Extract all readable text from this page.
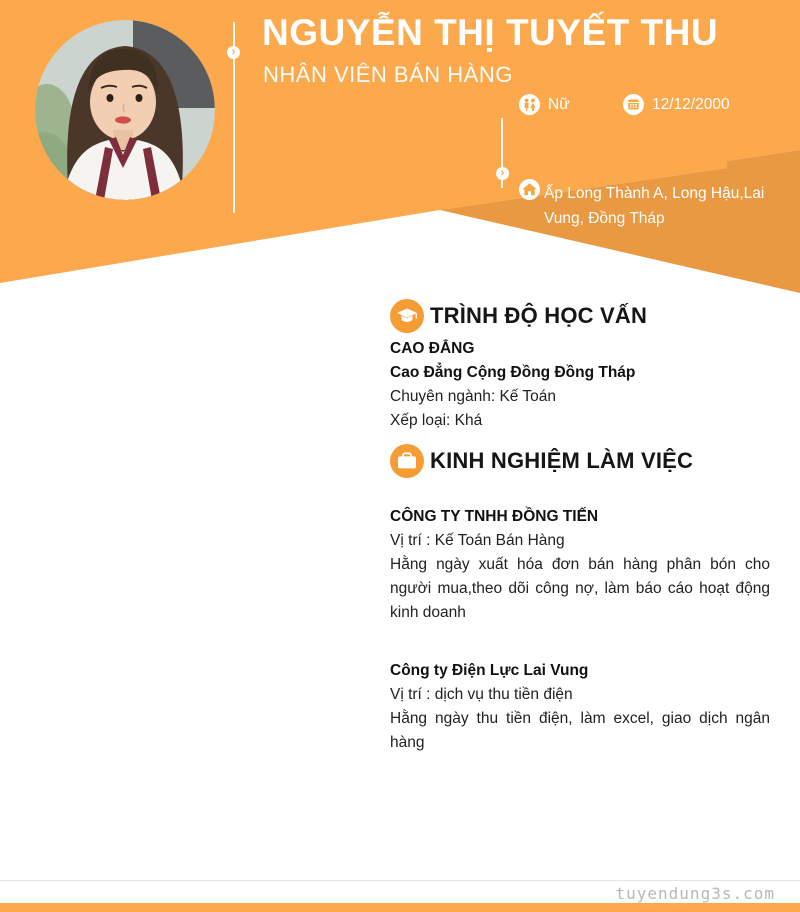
›
›
NGUYỄN THỊ TUYẾT THU
NHÂN VIÊN BÁN HÀNG
Nữ	12/12/2000
Ấp Long Thành A, Long Hậu,Lai Vung, Đồng Tháp
TRÌNH ĐỘ HỌC VẤN
CAO ĐẲNG
Cao Đẳng Cộng Đồng Đồng Tháp
Chuyên ngành: Kế Toán
Xếp loại: Khá
KINH NGHIỆM LÀM VIỆC
CÔNG TY TNHH ĐỒNG TIẾN
Vị trí : Kế Toán Bán Hàng
Hằng ngày xuất hóa đơn bán hàng phân bón cho
người mua,theo dõi công nợ, làm báo cáo hoạt động
kinh doanh
Công ty Điện Lực Lai Vung
Vị trí : dịch vụ thu tiền điện
Hằng ngày thu tiền điện, làm excel, giao dịch ngân
hàng
tuyendung3s.com
